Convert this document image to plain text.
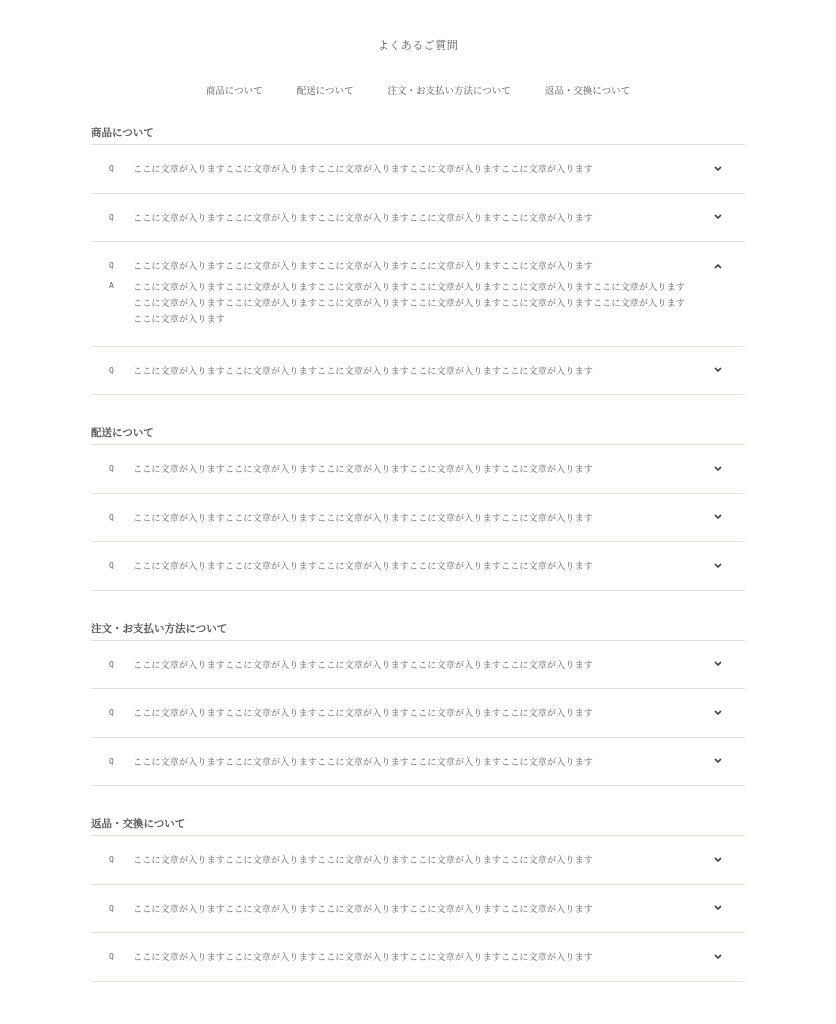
よくあるご質問
商品について	配送について	注文・お支払い方法について	返品・交換について
商品について
Q	ここに文章が入りますここに文章が入りますここに文章が入りますここに文章が入りますここに文章が入ります
Q	ここに文章が入りますここに文章が入りますここに文章が入りますここに文章が入りますここに文章が入ります
Q	ここに文章が入りますここに文章が入りますここに文章が入りますここに文章が入りますここに文章が入ります
A	ここに文章が入りますここに文章が入りますここに文章が入りますここに文章が入りますここに文章が入りますここに文章が入りますここに文章が入りますここに文章が入りますここに文章が入りますここに文章が入りますここに文章が入りますここに文章が入りますここに文章が入ります
Q	ここに文章が入りますここに文章が入りますここに文章が入りますここに文章が入りますここに文章が入ります
配送について
Q	ここに文章が入りますここに文章が入りますここに文章が入りますここに文章が入りますここに文章が入ります
Q	ここに文章が入りますここに文章が入りますここに文章が入りますここに文章が入りますここに文章が入ります
Q	ここに文章が入りますここに文章が入りますここに文章が入りますここに文章が入りますここに文章が入ります
注文・お支払い方法について
Q	ここに文章が入りますここに文章が入りますここに文章が入りますここに文章が入りますここに文章が入ります
Q	ここに文章が入りますここに文章が入りますここに文章が入りますここに文章が入りますここに文章が入ります
Q	ここに文章が入りますここに文章が入りますここに文章が入りますここに文章が入りますここに文章が入ります
返品・交換について
Q	ここに文章が入りますここに文章が入りますここに文章が入りますここに文章が入りますここに文章が入ります
Q	ここに文章が入りますここに文章が入りますここに文章が入りますここに文章が入りますここに文章が入ります
Q	ここに文章が入りますここに文章が入りますここに文章が入りますここに文章が入りますここに文章が入ります
